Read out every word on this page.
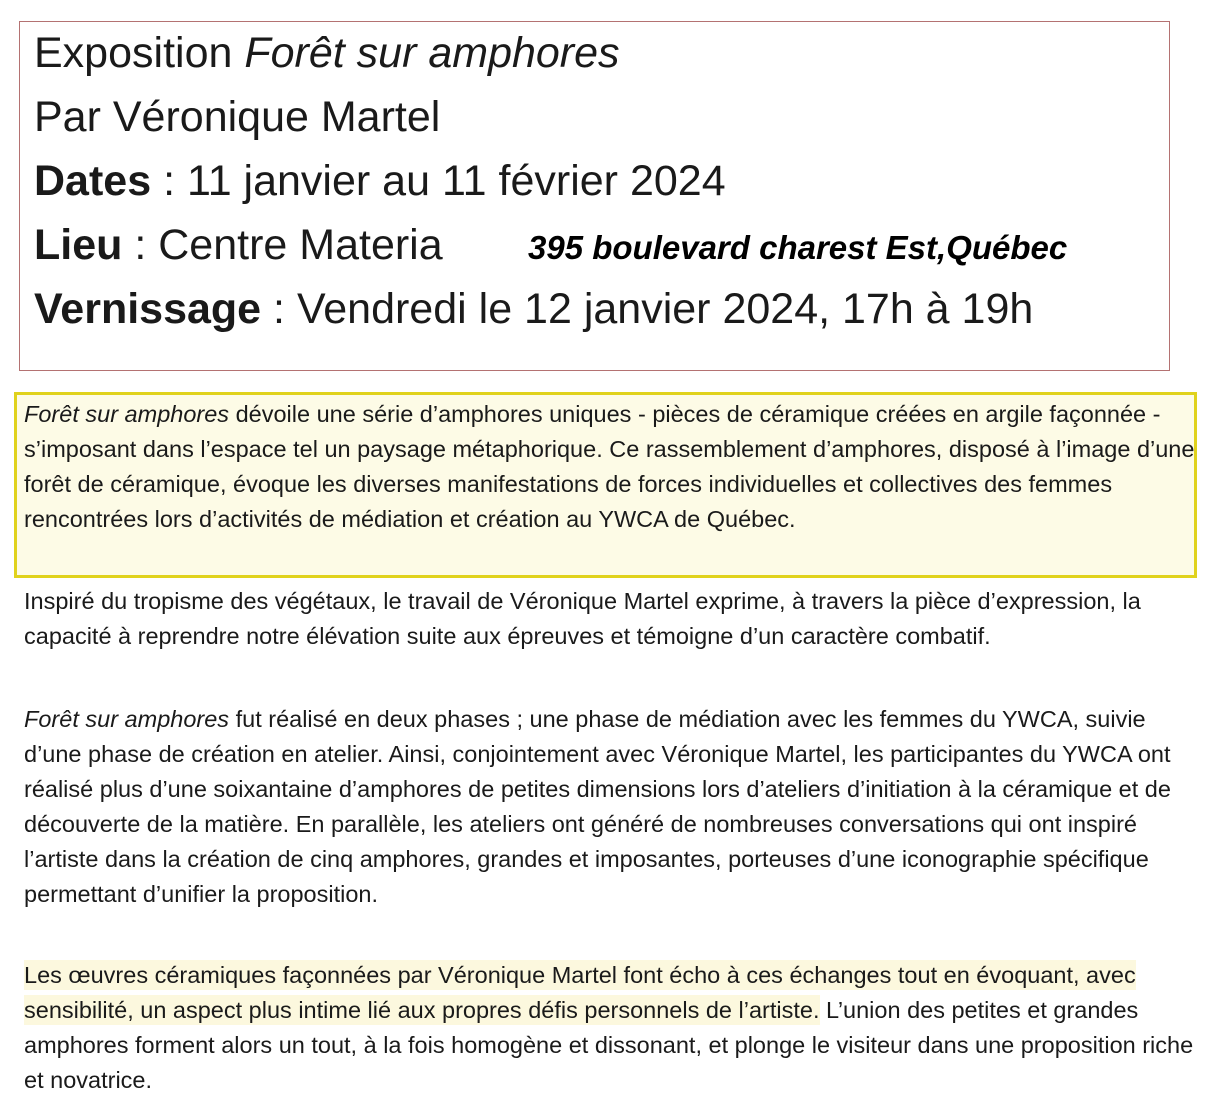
Exposition Forêt sur amphores
Par Véronique Martel
Dates : 11 janvier au 11 février 2024
Lieu : Centre Materia	395 boulevard charest Est,Québec
Vernissage : Vendredi le 12 janvier 2024, 17h à 19h
Forêt sur amphores dévoile une série d’amphores uniques - pièces de céramique créées en argile façonnée - s’imposant dans l’espace tel un paysage métaphorique. Ce rassemblement d’amphores, disposé à l’image d’une forêt de céramique, évoque les diverses manifestations de forces individuelles et collectives des femmes rencontrées lors d’activités de médiation et création au YWCA de Québec.
Inspiré du tropisme des végétaux, le travail de Véronique Martel exprime, à travers la pièce d’expression, la capacité à reprendre notre élévation suite aux épreuves et témoigne d’un caractère combatif.
Forêt sur amphores fut réalisé en deux phases ; une phase de médiation avec les femmes du YWCA, suivie d’une phase de création en atelier. Ainsi, conjointement avec Véronique Martel, les participantes du YWCA ont réalisé plus d’une soixantaine d’amphores de petites dimensions lors d’ateliers d’initiation à la céramique et de découverte de la matière. En parallèle, les ateliers ont généré de nombreuses conversations qui ont inspiré l’artiste dans la création de cinq amphores, grandes et imposantes, porteuses d’une iconographie spécifique permettant d’unifier la proposition.
Les œuvres céramiques façonnées par Véronique Martel font écho à ces échanges tout en évoquant, avec sensibilité, un aspect plus intime lié aux propres défis personnels de l’artiste. L’union des petites et grandes amphores forment alors un tout, à la fois homogène et dissonant, et plonge le visiteur dans une proposition riche et novatrice.
